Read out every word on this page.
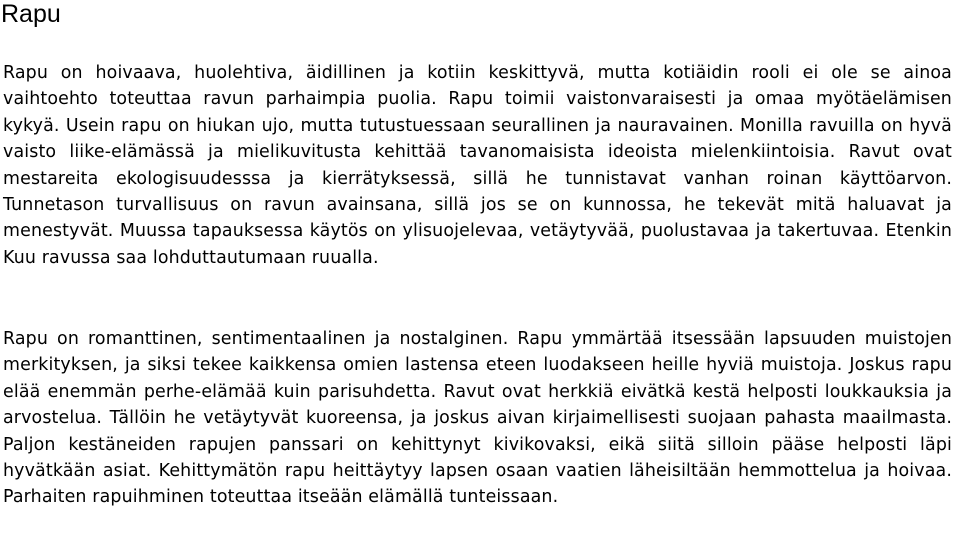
Rapu

Rapu on hoivaava, huolehtiva, äidillinen ja kotiin keskittyvä, mutta kotiäidin rooli ei ole se ainoa vaihtoehto toteuttaa ravun parhaimpia puolia. Rapu toimii vaistonvaraisesti ja omaa myötäelämisen kykyä. Usein rapu on hiukan ujo, mutta tutustuessaan seurallinen ja nauravainen. Monilla ravuilla on hyvä vaisto liike-elämässä ja mielikuvitusta kehittää tavanomaisista ideoista mielenkiintoisia. Ravut ovat mestareita ekologisuudesssa ja kierrätyksessä, sillä he tunnistavat vanhan roinan käyttöarvon. Tunnetason turvallisuus on ravun avainsana, sillä jos se on kunnossa, he tekevät mitä haluavat ja menestyvät. Muussa tapauksessa käytös on ylisuojelevaa, vetäytyvää, puolustavaa ja takertuvaa. Etenkin Kuu ravussa saa lohduttautumaan ruualla.

Rapu on romanttinen, sentimentaalinen ja nostalginen. Rapu ymmärtää itsessään lapsuuden muistojen merkityksen, ja siksi tekee kaikkensa omien lastensa eteen luodakseen heille hyviä muistoja. Joskus rapu elää enemmän perhe-elämää kuin parisuhdetta. Ravut ovat herkkiä eivätkä kestä helposti loukkauksia ja arvostelua. Tällöin he vetäytyvät kuoreensa, ja joskus aivan kirjaimellisesti suojaan pahasta maailmasta. Paljon kestäneiden rapujen panssari on kehittynyt kivikovaksi, eikä siitä silloin pääse helposti läpi hyvätkään asiat. Kehittymätön rapu heittäytyy lapsen osaan vaatien läheisiltään hemmottelua ja hoivaa. Parhaiten rapuihminen toteuttaa itseään elämällä tunteissaan.
